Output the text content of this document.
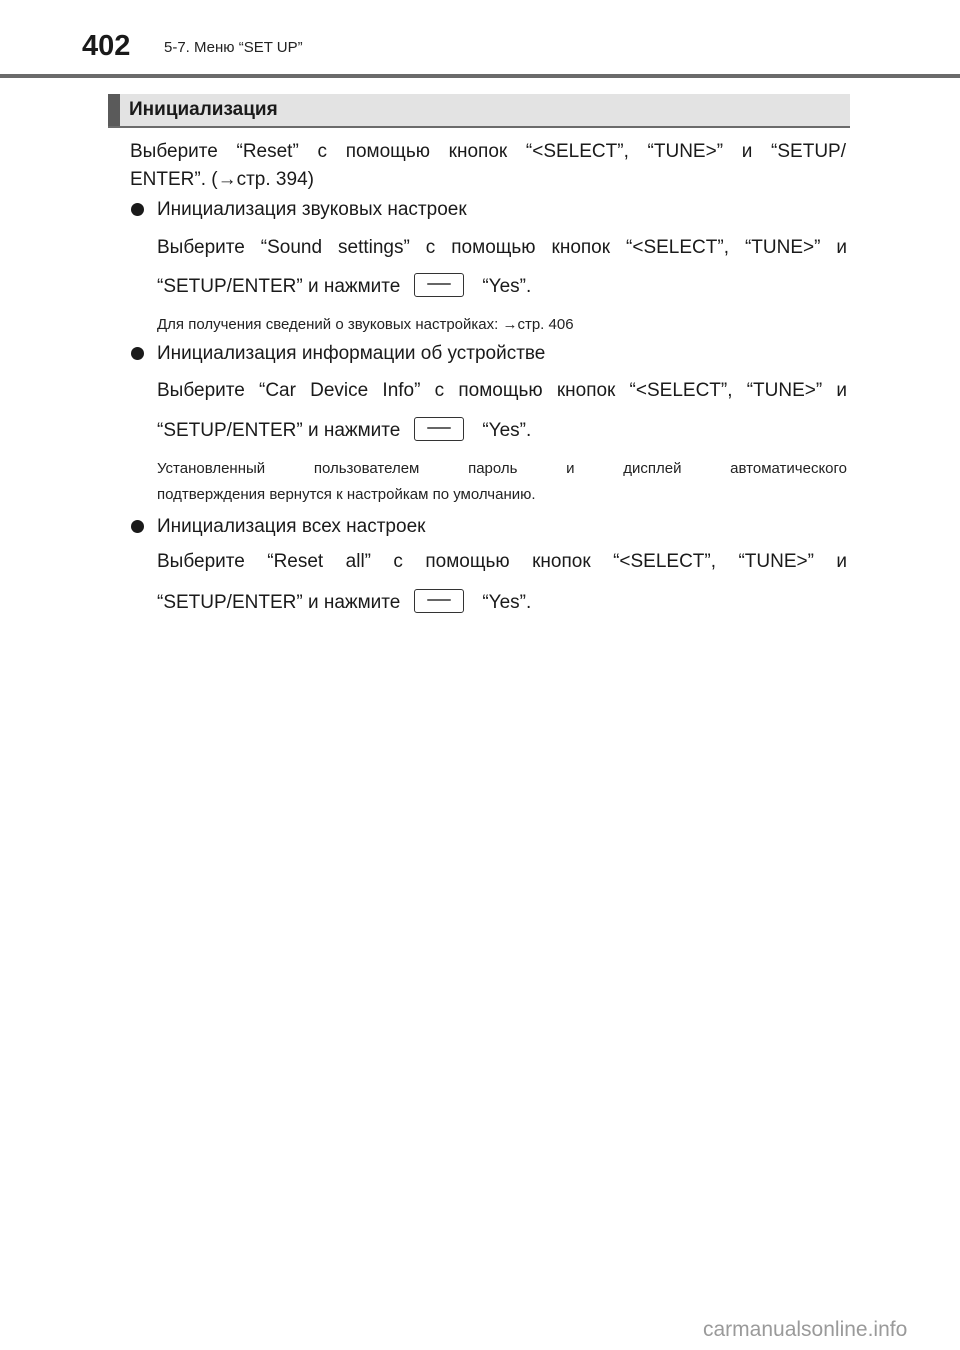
402 5-7. Меню “SET UP”
Инициализация
Выберите “Reset” с помощью кнопок “<SELECT”, “TUNE>” и “SETUP/
ENTER”. (→стр. 394)
Инициализация звуковых настроек
Выберите “Sound settings” с помощью кнопок “<SELECT”, “TUNE>” и
“SETUP/ENTER” и нажмите	“Yes”.
Для получения сведений о звуковых настройках: →стр. 406
Инициализация информации об устройстве
Выберите “Car Device Info” с помощью кнопок “<SELECT”, “TUNE>” и
“SETUP/ENTER” и нажмите	“Yes”.
Установленный пользователем пароль и дисплей автоматического
подтверждения вернутся к настройкам по умолчанию.
Инициализация всех настроек
Выберите “Reset all” с помощью кнопок “<SELECT”, “TUNE>” и
“SETUP/ENTER” и нажмите	“Yes”.
carmanualsonline.info
